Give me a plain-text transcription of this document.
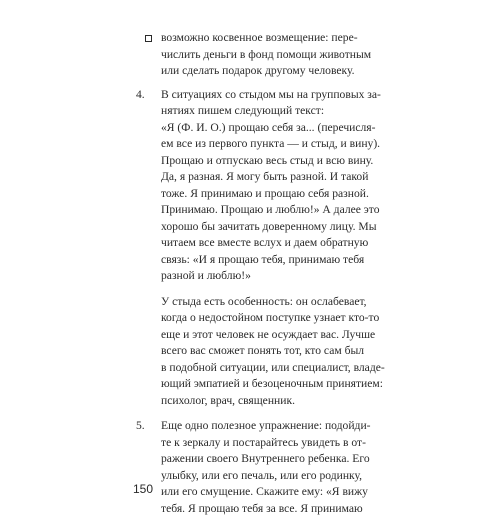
150
возможно косвенное возмещение: пере-
числить деньги в фонд помощи животным
или сделать подарок другому человеку.
4. В ситуациях со стыдом мы на групповых за-
нятиях пишем следующий текст:
«Я (Ф. И. О.) прощаю себя за... (перечисля-
ем все из первого пункта — и стыд, и вину).
Прощаю и отпускаю весь стыд и всю вину.
Да, я разная. Я могу быть разной. И такой
тоже. Я принимаю и прощаю себя разной.
Принимаю. Прощаю и люблю!» А далее это
хорошо бы зачитать доверенному лицу. Мы
читаем все вместе вслух и даем обратную
связь: «И я прощаю тебя, принимаю тебя
разной и люблю!»
У стыда есть особенность: он ослабевает,
когда о недостойном поступке узнает кто-то
еще и этот человек не осуждает вас. Лучше
всего вас сможет понять тот, кто сам был
в подобной ситуации, или специалист, владе-
ющий эмпатией и безоценочным принятием:
психолог, врач, священник.
5. Еще одно полезное упражнение: подойди-
те к зеркалу и постарайтесь увидеть в от-
ражении своего Внутреннего ребенка. Его
улыбку, или его печаль, или его родинку,
или его смущение. Скажите ему: «Я вижу
тебя. Я прощаю тебя за все. Я принимаю
